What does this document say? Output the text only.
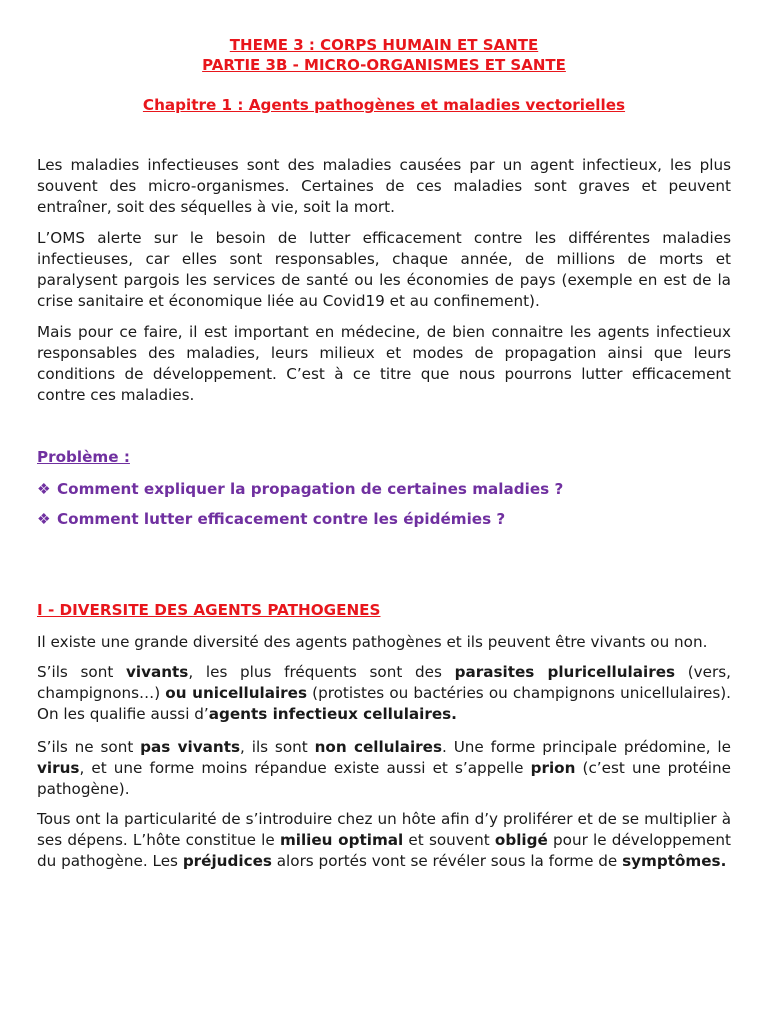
THEME 3 : CORPS HUMAIN ET SANTE
PARTIE 3B - MICRO-ORGANISMES ET SANTE
Chapitre 1 : Agents pathogènes et maladies vectorielles

Les maladies infectieuses sont des maladies causées par un agent infectieux, les plus souvent des micro-organismes. Certaines de ces maladies sont graves et peuvent entraîner, soit des séquelles à vie, soit la mort.

L’OMS alerte sur le besoin de lutter efficacement contre les différentes maladies infectieuses, car elles sont responsables, chaque année, de millions de morts et paralysent pargois les services de santé ou les économies de pays (exemple en est de la crise sanitaire et économique liée au Covid19 et au confinement).

Mais pour ce faire, il est important en médecine, de bien connaitre les agents infectieux responsables des maladies, leurs milieux et modes de propagation ainsi que leurs conditions de développement. C’est à ce titre que nous pourrons lutter efficacement contre ces maladies.

Problème :
❖ Comment expliquer la propagation de certaines maladies ?
❖ Comment lutter efficacement contre les épidémies ?
I - DIVERSITE DES AGENTS PATHOGENES

Il existe une grande diversité des agents pathogènes et ils peuvent être vivants ou non.

S’ils sont vivants, les plus fréquents sont des parasites pluricellulaires (vers, champignons…) ou unicellulaires (protistes ou bactéries ou champignons unicellulaires). On les qualifie aussi d’agents infectieux cellulaires.

S’ils ne sont pas vivants, ils sont non cellulaires. Une forme principale prédomine, le virus, et une forme moins répandue existe aussi et s’appelle prion (c’est une protéine pathogène).

Tous ont la particularité de s’introduire chez un hôte afin d’y proliférer et de se multiplier à ses dépens. L’hôte constitue le milieu optimal et souvent obligé pour le développement du pathogène. Les préjudices alors portés vont se révéler sous la forme de symptômes.
